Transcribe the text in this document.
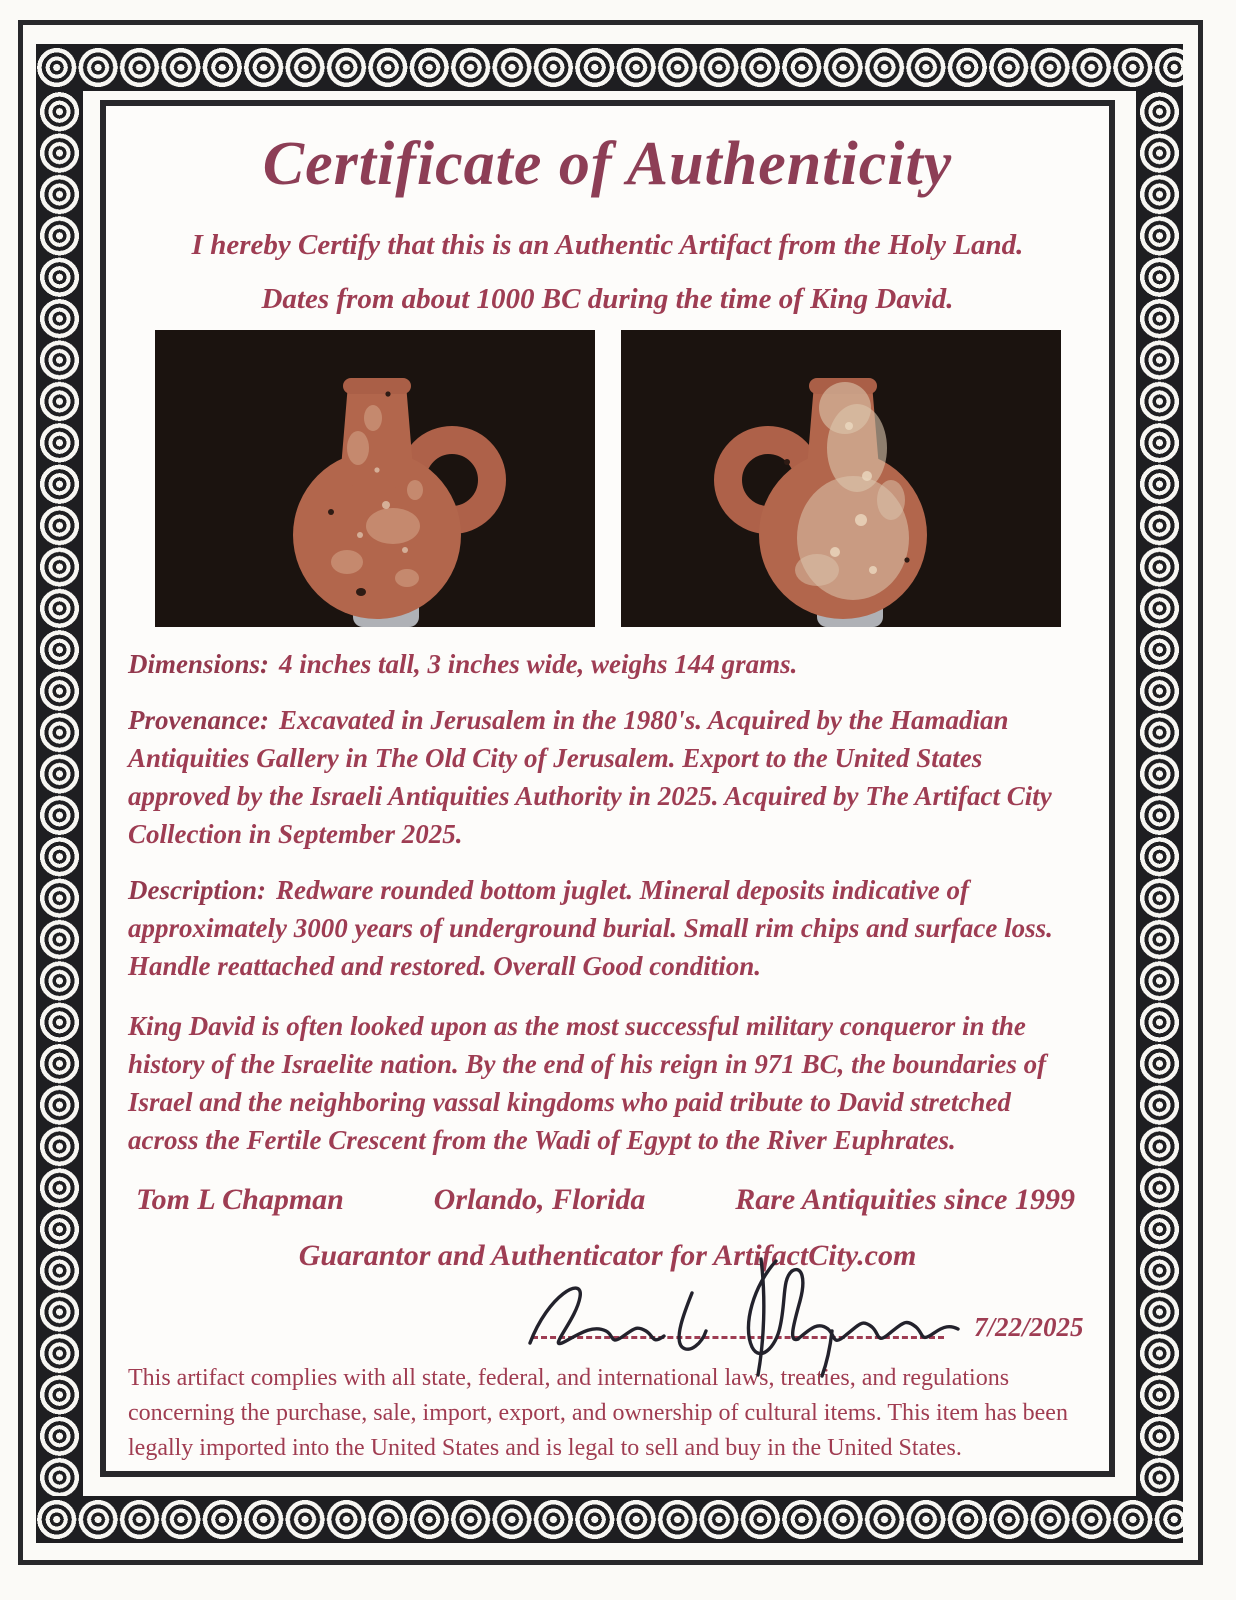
Certificate of Authenticity

I hereby Certify that this is an Authentic Artifact from the Holy Land.

Dates from about 1000 BC during the time of King David.

Dimensions: 4 inches tall, 3 inches wide, weighs 144 grams.

Provenance: Excavated in Jerusalem in the 1980's. Acquired by the Hamadian Antiquities Gallery in The Old City of Jerusalem. Export to the United States approved by the Israeli Antiquities Authority in 2025. Acquired by The Artifact City Collection in September 2025.

Description: Redware rounded bottom juglet. Mineral deposits indicative of approximately 3000 years of underground burial. Small rim chips and surface loss. Handle reattached and restored. Overall Good condition.

King David is often looked upon as the most successful military conqueror in the history of the Israelite nation. By the end of his reign in 971 BC, the boundaries of Israel and the neighboring vassal kingdoms who paid tribute to David stretched across the Fertile Crescent from the Wadi of Egypt to the River Euphrates.

Tom L Chapman	Orlando, Florida	Rare Antiquities since 1999

Guarantor and Authenticator for ArtifactCity.com

7/22/2025

This artifact complies with all state, federal, and international laws, treaties, and regulations concerning the purchase, sale, import, export, and ownership of cultural items. This item has been legally imported into the United States and is legal to sell and buy in the United States.
